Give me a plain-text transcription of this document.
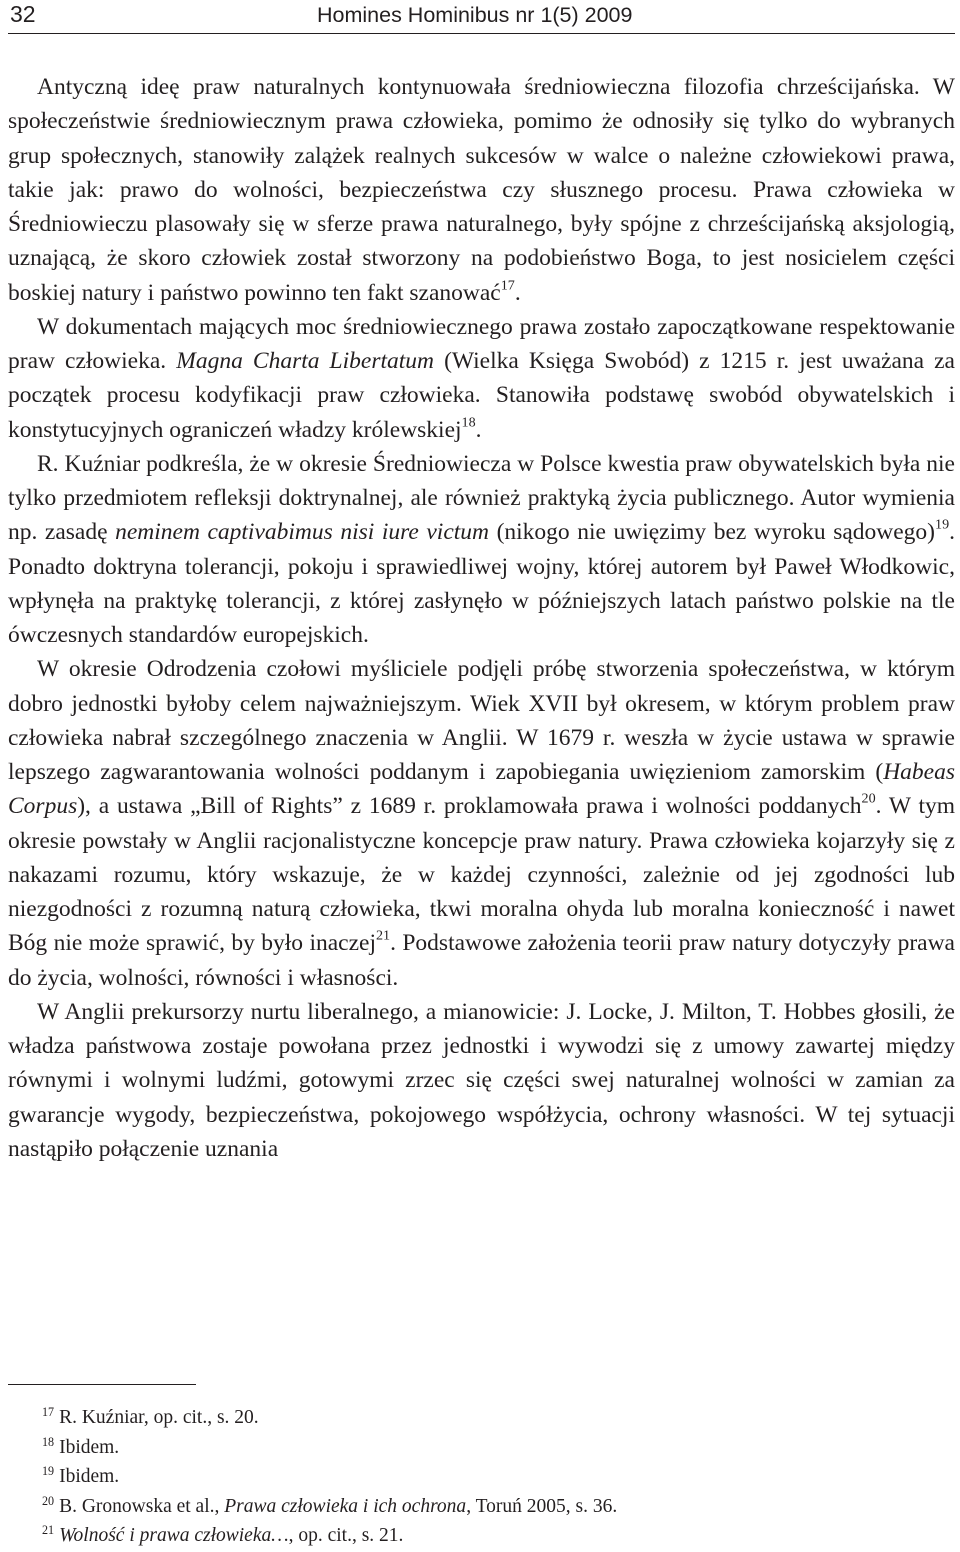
32	Homines Hominibus nr 1(5) 2009

Antyczną ideę praw naturalnych kontynuowała średniowieczna filozofia chrześcijańska. W społeczeństwie średniowiecznym prawa człowieka, pomimo że odnosiły się tylko do wybranych grup społecznych, stanowiły zalążek realnych sukcesów w walce o należne człowiekowi prawa, takie jak: prawo do wolności, bezpieczeństwa czy słusznego procesu. Prawa człowieka w Średniowieczu plasowały się w sferze prawa naturalnego, były spójne z chrześcijańską aksjologią, uznającą, że skoro człowiek został stworzony na podobieństwo Boga, to jest nosicielem części boskiej natury i państwo powinno ten fakt szanować$^{17}$.

W dokumentach mających moc średniowiecznego prawa zostało zapoczątkowane respektowanie praw człowieka. Magna Charta Libertatum (Wielka Księga Swobód) z 1215 r. jest uważana za początek procesu kodyfikacji praw człowieka. Stanowiła podstawę swobód obywatelskich i konstytucyjnych ograniczeń władzy królewskiej$^{18}$.

R. Kuźniar podkreśla, że w okresie Średniowiecza w Polsce kwestia praw obywatelskich była nie tylko przedmiotem refleksji doktrynalnej, ale również praktyką życia publicznego. Autor wymienia np. zasadę neminem captivabimus nisi iure victum (nikogo nie uwięzimy bez wyroku sądowego)$^{19}$. Ponadto doktryna tolerancji, pokoju i sprawiedliwej wojny, której autorem był Paweł Włodkowic, wpłynęła na praktykę tolerancji, z której zasłynęło w późniejszych latach państwo polskie na tle ówczesnych standardów europejskich.

W okresie Odrodzenia czołowi myśliciele podjęli próbę stworzenia społeczeństwa, w którym dobro jednostki byłoby celem najważniejszym. Wiek XVII był okresem, w którym problem praw człowieka nabrał szczególnego znaczenia w Anglii. W 1679 r. weszła w życie ustawa w sprawie lepszego zagwarantowania wolności poddanym i zapobiegania uwięzieniom zamorskim (Habeas Corpus), a ustawa „Bill of Rights” z 1689 r. proklamowała prawa i wolności poddanych$^{20}$. W tym okresie powstały w Anglii racjonalistyczne koncepcje praw natury. Prawa człowieka kojarzyły się z nakazami rozumu, który wskazuje, że w każdej czynności, zależnie od jej zgodności lub niezgodności z rozumną naturą człowieka, tkwi moralna ohyda lub moralna konieczność i nawet Bóg nie może sprawić, by było inaczej$^{21}$. Podstawowe założenia teorii praw natury dotyczyły prawa do życia, wolności, równości i własności.

W Anglii prekursorzy nurtu liberalnego, a mianowicie: J. Locke, J. Milton, T. Hobbes głosili, że władza państwowa zostaje powołana przez jednostki i wywodzi się z umowy zawartej między równymi i wolnymi ludźmi, gotowymi zrzec się części swej naturalnej wolności w zamian za gwarancje wygody, bezpieczeństwa, pokojowego współżycia, ochrony własności. W tej sytuacji nastąpiło połączenie uznania

$^{17}$ R. Kuźniar, op. cit., s. 20.

$^{18}$ Ibidem.

$^{19}$ Ibidem.

$^{20}$ B. Gronowska et al., Prawa człowieka i ich ochrona, Toruń 2005, s. 36.

$^{21}$ Wolność i prawa człowieka…, op. cit., s. 21.
